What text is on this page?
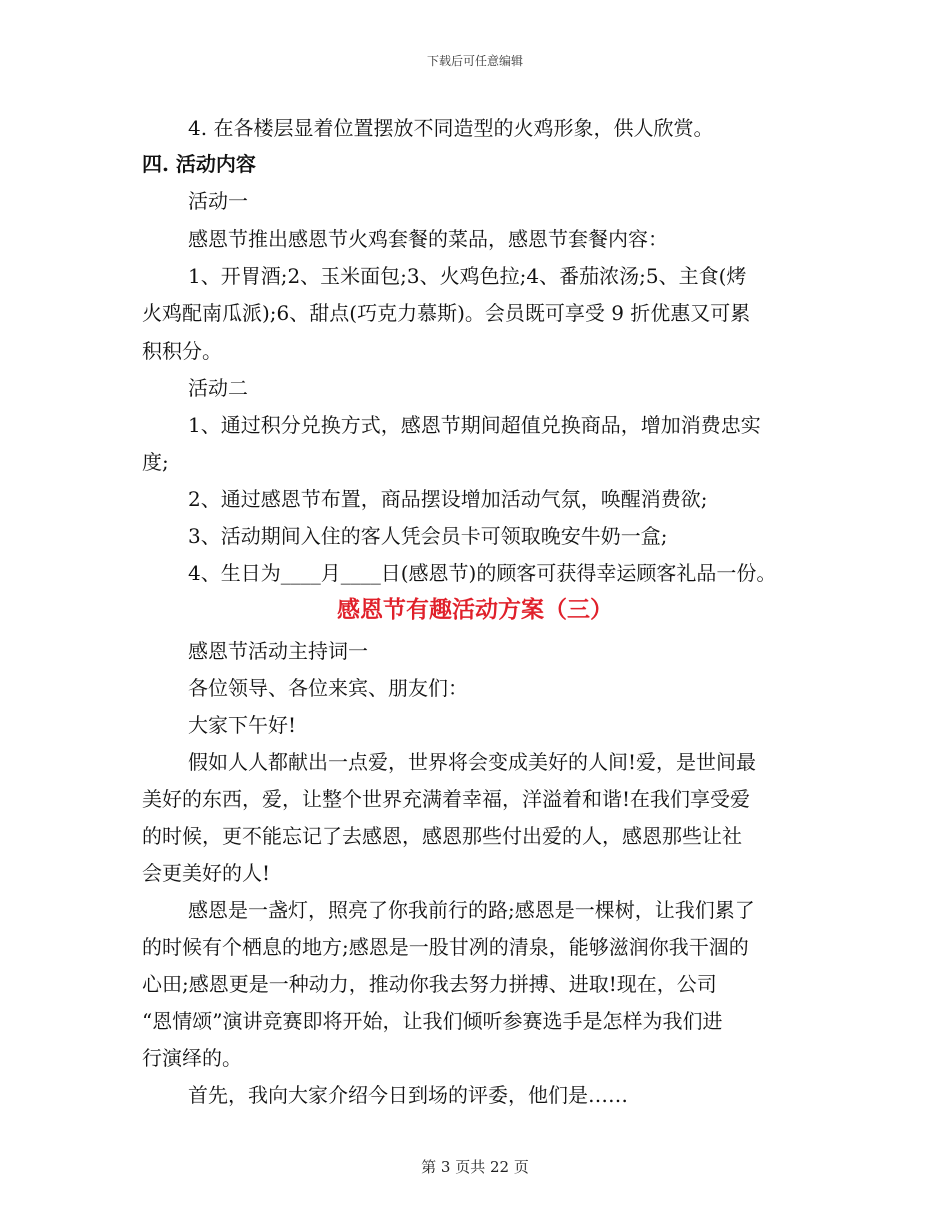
下载后可任意编辑
4. 在各楼层显着位置摆放不同造型的火鸡形象，供人欣赏。
四. 活动内容
活动一
感恩节推出感恩节火鸡套餐的菜品，感恩节套餐内容：
1、开胃酒;2、玉米面包;3、火鸡色拉;4、番茄浓汤;5、主食(烤
火鸡配南瓜派);6、甜点(巧克力慕斯)。会员既可享受 9 折优惠又可累
积积分。
活动二
1、通过积分兑换方式，感恩节期间超值兑换商品，增加消费忠实
度;
2、通过感恩节布置，商品摆设增加活动气氛，唤醒消费欲;
3、活动期间入住的客人凭会员卡可领取晚安牛奶一盒;
4、生日为____月____日(感恩节)的顾客可获得幸运顾客礼品一份。
感恩节有趣活动方案（三）
感恩节活动主持词一
各位领导、各位来宾、朋友们：
大家下午好!
假如人人都献出一点爱，世界将会变成美好的人间!爱，是世间最
美好的东西，爱，让整个世界充满着幸福，洋溢着和谐!在我们享受爱
的时候，更不能忘记了去感恩，感恩那些付出爱的人，感恩那些让社
会更美好的人!
感恩是一盏灯，照亮了你我前行的路;感恩是一棵树，让我们累了
的时候有个栖息的地方;感恩是一股甘冽的清泉，能够滋润你我干涸的
心田;感恩更是一种动力，推动你我去努力拼搏、进取!现在，公司
“恩情颂”演讲竞赛即将开始，让我们倾听参赛选手是怎样为我们进
行演绎的。
首先，我向大家介绍今日到场的评委，他们是……
第 3 页共 22 页
